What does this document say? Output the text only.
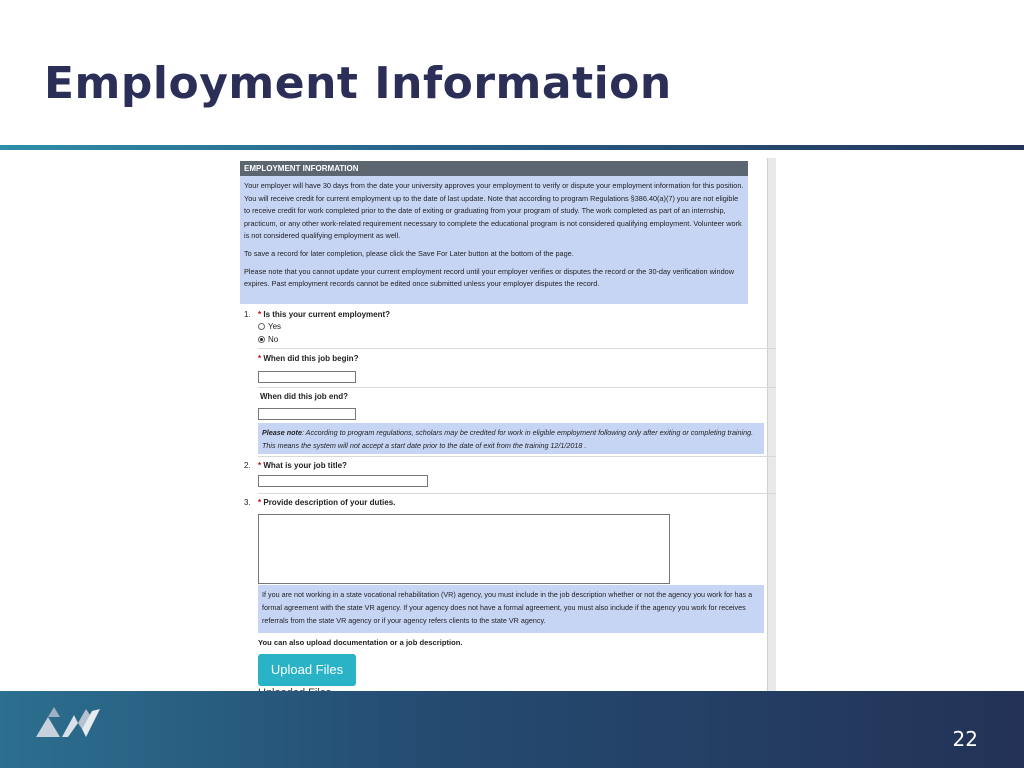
Employment Information
EMPLOYMENT INFORMATION

Your employer will have 30 days from the date your university approves your employment to verify or dispute your employment information for this position. You will receive credit for current employment up to the date of last update. Note that according to program Regulations §386.40(a)(7) you are not eligible to receive credit for work completed prior to the date of exiting or graduating from your program of study. The work completed as part of an internship, practicum, or any other work-related requirement necessary to complete the educational program is not considered qualifying employment. Volunteer work is not considered qualifying employment as well.

To save a record for later completion, please click the Save For Later button at the bottom of the page.

Please note that you cannot update your current employment record until your employer verifies or disputes the record or the 30-day verification window expires. Past employment records cannot be edited once submitted unless your employer disputes the record.

1. * Is this your current employment?
Yes
No
* When did this job begin?
When did this job end?
Please note: According to program regulations, scholars may be credited for work in eligible employment following only after exiting or completing training. This means the system will not accept a start date prior to the date of exit from the training 12/1/2018 .
2. * What is your job title?
3. * Provide description of your duties.
If you are not working in a state vocational rehabilitation (VR) agency, you must include in the job description whether or not the agency you work for has a formal agreement with the state VR agency. If your agency does not have a formal agreement, you must also include if the agency you work for receives referrals from the state VR agency or if your agency refers clients to the state VR agency.
You can also upload documentation or a job description.
Upload Files
22
